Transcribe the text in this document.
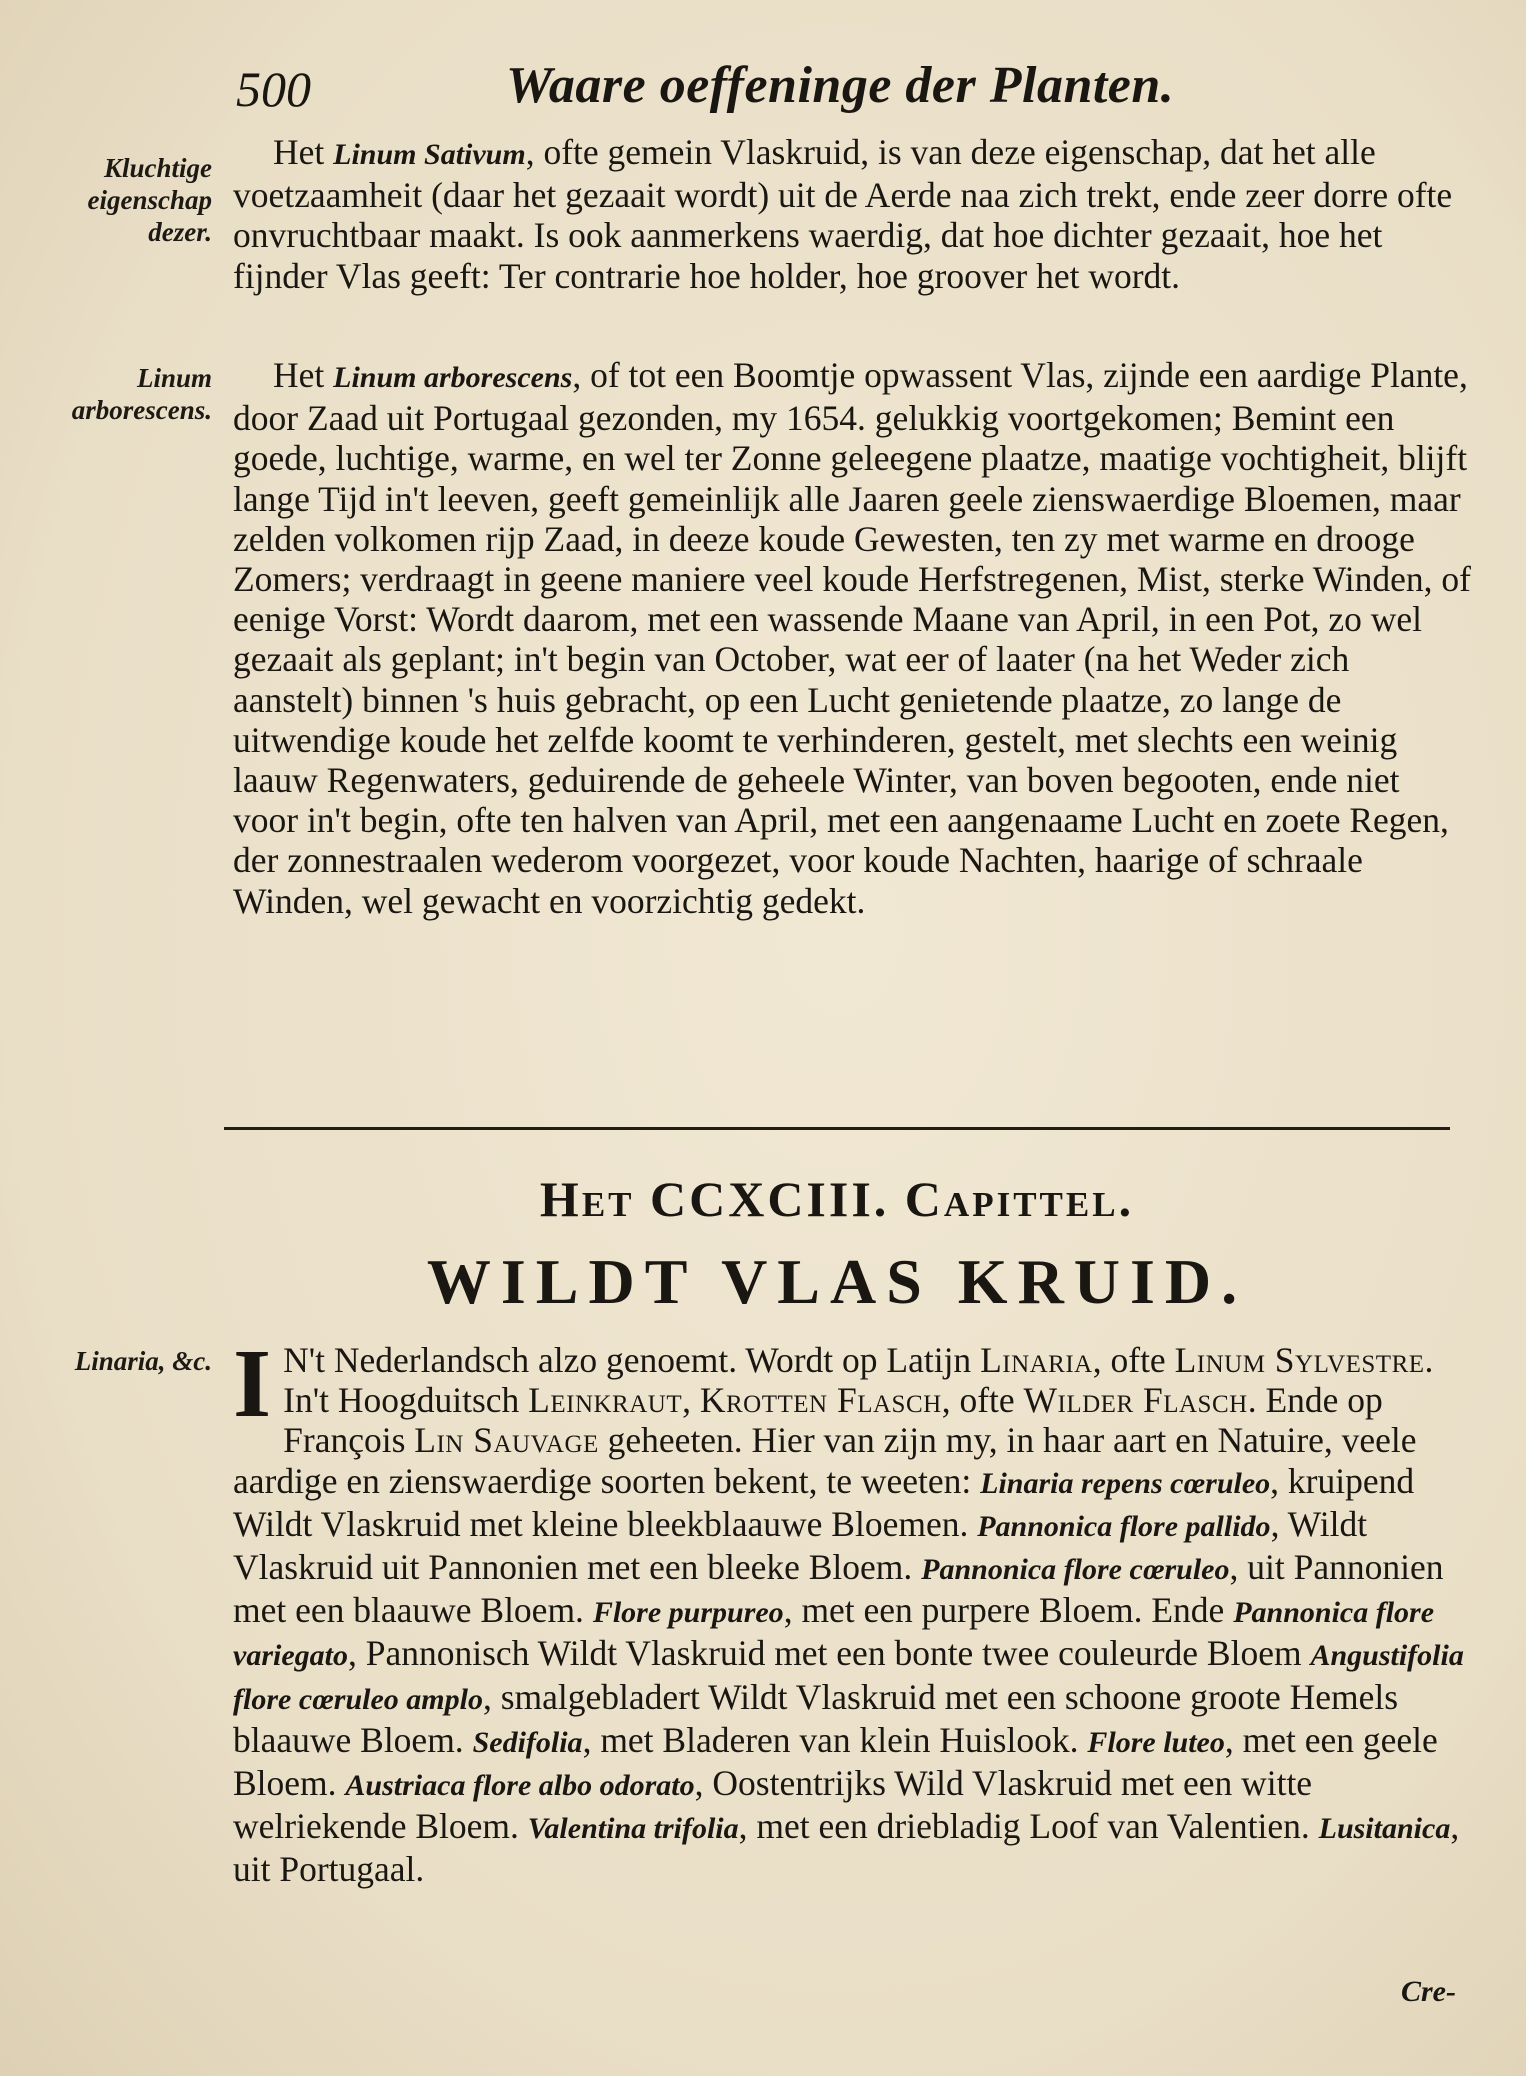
500	Waare oeffeninge der Planten.
Kluchtige eigenschap dezer.
Linum arborescens.
Linaria, &c.

Het Linum Sativum, ofte gemein Vlaskruid, is van deze eigenschap, dat het alle voetzaamheit (daar het gezaait wordt) uit de Aerde naa zich trekt, ende zeer dorre ofte onvruchtbaar maakt. Is ook aanmerkens waerdig, dat hoe dichter gezaait, hoe het fijnder Vlas geeft: Ter contrarie hoe holder, hoe groover het wordt.

Het Linum arborescens, of tot een Boomtje opwassent Vlas, zijnde een aardige Plante, door Zaad uit Portugaal gezonden, my 1654. gelukkig voortgekomen; Bemint een goede, luchtige, warme, en wel ter Zonne geleegene plaatze, maatige vochtigheit, blijft lange Tijd in't leeven, geeft gemeinlijk alle Jaaren geele zienswaerdige Bloemen, maar zelden volkomen rijp Zaad, in deeze koude Gewesten, ten zy met warme en drooge Zomers; verdraagt in geene maniere veel koude Herfstregenen, Mist, sterke Winden, of eenige Vorst: Wordt daarom, met een wassende Maane van April, in een Pot, zo wel gezaait als geplant; in't begin van October, wat eer of laater (na het Weder zich aanstelt) binnen 's huis gebracht, op een Lucht genietende plaatze, zo lange de uitwendige koude het zelfde koomt te verhinderen, gestelt, met slechts een weinig laauw Regenwaters, geduirende de geheele Winter, van boven begooten, ende niet voor in't begin, ofte ten halven van April, met een aangenaame Lucht en zoete Regen, der zonnestraalen wederom voorgezet, voor koude Nachten, haarige of schraale Winden, wel gewacht en voorzichtig gedekt.

Het CCXCIII. Capittel.
WILDT VLAS KRUID.

I N't Nederlandsch alzo genoemt. Wordt op Latijn Linaria, ofte Linum Sylvestre. In't Hoogduitsch Leinkraut, Krotten Flasch, ofte Wilder Flasch. Ende op François Lin Sauvage geheeten. Hier van zijn my, in haar aart en Natuire, veele aardige en zienswaerdige soorten bekent, te weeten: Linaria repens cœruleo, kruipend Wildt Vlaskruid met kleine bleekblaauwe Bloemen. Pannonica flore pallido, Wildt Vlaskruid uit Pannonien met een bleeke Bloem. Pannonica flore cœruleo, uit Pannonien met een blaauwe Bloem. Flore purpureo, met een purpere Bloem. Ende Pannonica flore variegato, Pannonisch Wildt Vlaskruid met een bonte twee couleurde Bloem Angustifolia flore cœruleo amplo, smalgebladert Wildt Vlaskruid met een schoone groote Hemels blaauwe Bloem. Sedifolia, met Bladeren van klein Huislook. Flore luteo, met een geele Bloem. Austriaca flore albo odorato, Oostentrijks Wild Vlaskruid met een witte welriekende Bloem. Valentina trifolia, met een driebladig Loof van Valentien. Lusitanica, uit Portugaal.

Cre-
